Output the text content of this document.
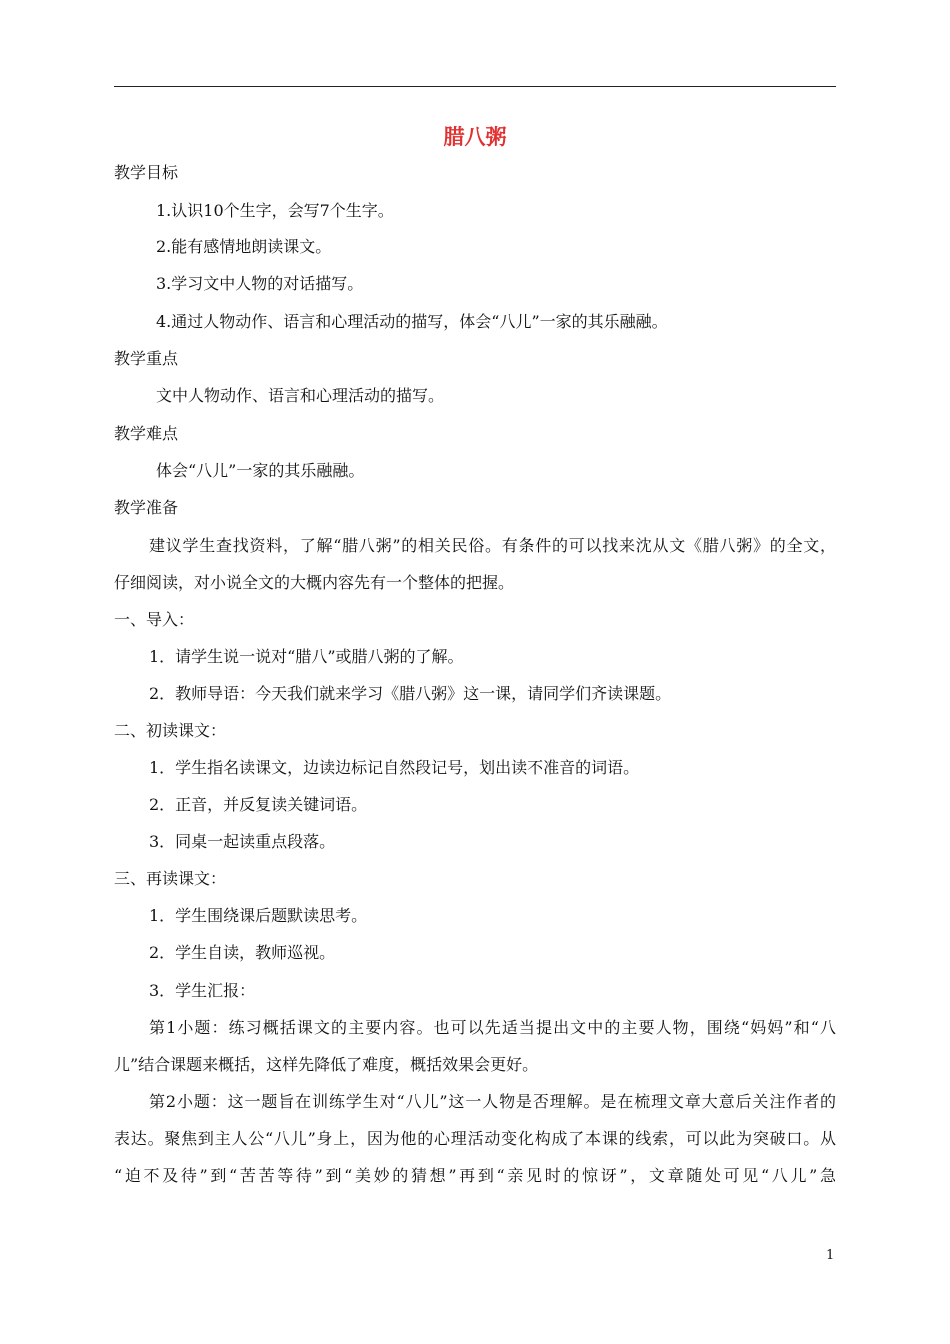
腊八粥
教学目标
1.认识10个生字，会写7个生字。
2.能有感情地朗读课文。
3.学习文中人物的对话描写。
4.通过人物动作、语言和心理活动的描写，体会“八儿”一家的其乐融融。
教学重点
文中人物动作、语言和心理活动的描写。
教学难点
体会“八儿”一家的其乐融融。
教学准备
建议学生查找资料，了解“腊八粥”的相关民俗。有条件的可以找来沈从文《腊八粥》的全文，
仔细阅读，对小说全文的大概内容先有一个整体的把握。
一、导入：
1．请学生说一说对“腊八”或腊八粥的了解。
2．教师导语：今天我们就来学习《腊八粥》这一课，请同学们齐读课题。
二、初读课文：
1．学生指名读课文，边读边标记自然段记号，划出读不准音的词语。
2．正音，并反复读关键词语。
3．同桌一起读重点段落。
三、再读课文：
1．学生围绕课后题默读思考。
2．学生自读，教师巡视。
3．学生汇报：
第1小题：练习概括课文的主要内容。也可以先适当提出文中的主要人物，围绕“妈妈”和“八
儿”结合课题来概括，这样先降低了难度，概括效果会更好。
第2小题：这一题旨在训练学生对“八儿”这一人物是否理解。是在梳理文章大意后关注作者的
表达。聚焦到主人公“八儿”身上，因为他的心理活动变化构成了本课的线索，可以此为突破口。从
“迫不及待”到“苦苦等待”到“美妙的猜想”再到“亲见时的惊讶”，文章随处可见“八儿”急
1
